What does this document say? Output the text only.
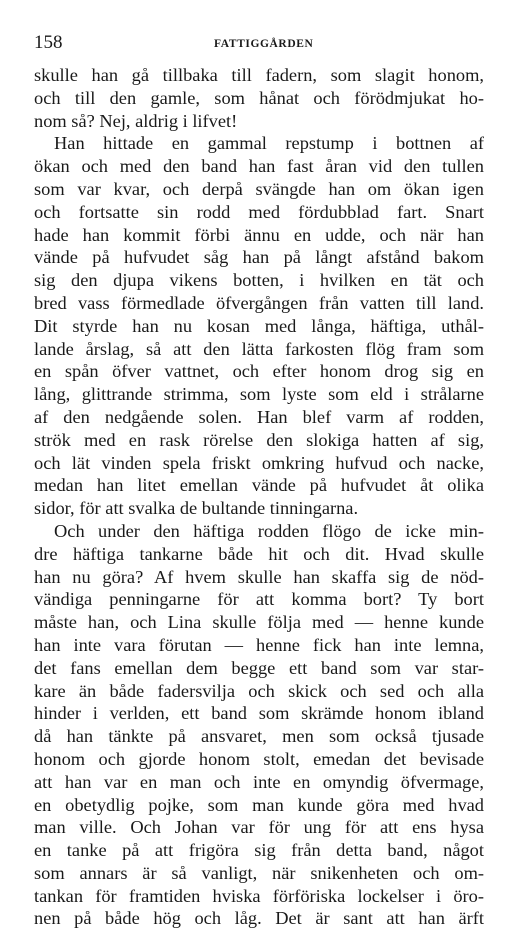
158	FATTIGGÅRDEN
skulle han gå tillbaka till fadern, som slagit honom,
och till den gamle, som hånat och förödmjukat ho-
nom så? Nej, aldrig i lifvet!
Han hittade en gammal repstump i bottnen af
ökan och med den band han fast åran vid den tullen
som var kvar, och derpå svängde han om ökan igen
och fortsatte sin rodd med fördubblad fart. Snart
hade han kommit förbi ännu en udde, och när han
vände på hufvudet såg han på långt afstånd bakom
sig den djupa vikens botten, i hvilken en tät och
bred vass förmedlade öfvergången från vatten till land.
Dit styrde han nu kosan med långa, häftiga, uthål-
lande årslag, så att den lätta farkosten flög fram som
en spån öfver vattnet, och efter honom drog sig en
lång, glittrande strimma, som lyste som eld i strålarne
af den nedgående solen. Han blef varm af rodden,
strök med en rask rörelse den slokiga hatten af sig,
och lät vinden spela friskt omkring hufvud och nacke,
medan han litet emellan vände på hufvudet åt olika
sidor, för att svalka de bultande tinningarna.
Och under den häftiga rodden flögo de icke min-
dre häftiga tankarne både hit och dit. Hvad skulle
han nu göra? Af hvem skulle han skaffa sig de nöd-
vändiga penningarne för att komma bort? Ty bort
måste han, och Lina skulle följa med — henne kunde
han inte vara förutan — henne fick han inte lemna,
det fans emellan dem begge ett band som var star-
kare än både fadersvilja och skick och sed och alla
hinder i verlden, ett band som skrämde honom ibland
då han tänkte på ansvaret, men som också tjusade
honom och gjorde honom stolt, emedan det bevisade
att han var en man och inte en omyndig öfvermage,
en obetydlig pojke, som man kunde göra med hvad
man ville. Och Johan var för ung för att ens hysa
en tanke på att frigöra sig från detta band, något
som annars är så vanligt, när snikenheten och om-
tankan för framtiden hviska förföriska lockelser i öro-
nen på både hög och låg. Det är sant att han ärft
